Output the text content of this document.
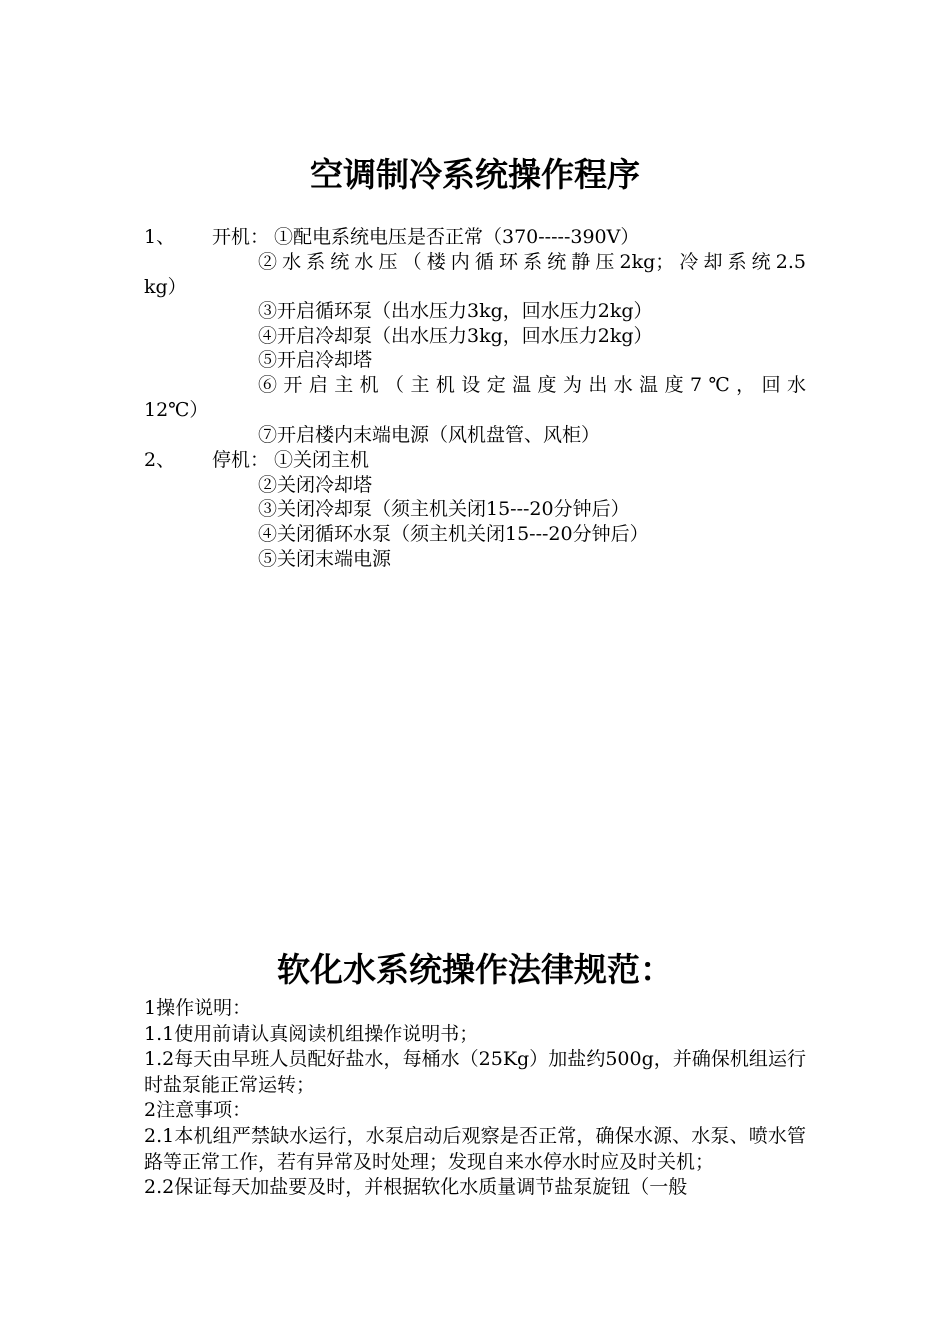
空调制冷系统操作程序
1、 开机： ①配电系统电压是否正常（370-----390V）
②水系统水压（楼内循环系统静压2kg；冷却系统2.5
kg）
③开启循环泵（出水压力3kg，回水压力2kg）
④开启冷却泵（出水压力3kg，回水压力2kg）
⑤开启冷却塔
⑥开启主机（主机设定温度为出水温度7℃，回水
12℃）
⑦开启楼内末端电源（风机盘管、风柜）
2、 停机： ①关闭主机
②关闭冷却塔
③关闭冷却泵（须主机关闭15---20分钟后）
④关闭循环水泵（须主机关闭15---20分钟后）
⑤关闭末端电源
软化水系统操作法律规范：

1操作说明：

1.1使用前请认真阅读机组操作说明书；

1.2每天由早班人员配好盐水，每桶水（25Kg）加盐约500g，并确保机组运行时盐泵能正常运转；

2注意事项：

2.1本机组严禁缺水运行，水泵启动后观察是否正常，确保水源、水泵、喷水管路等正常工作，若有异常及时处理；发现自来水停水时应及时关机；

2.2保证每天加盐要及时，并根据软化水质量调节盐泵旋钮（一般
